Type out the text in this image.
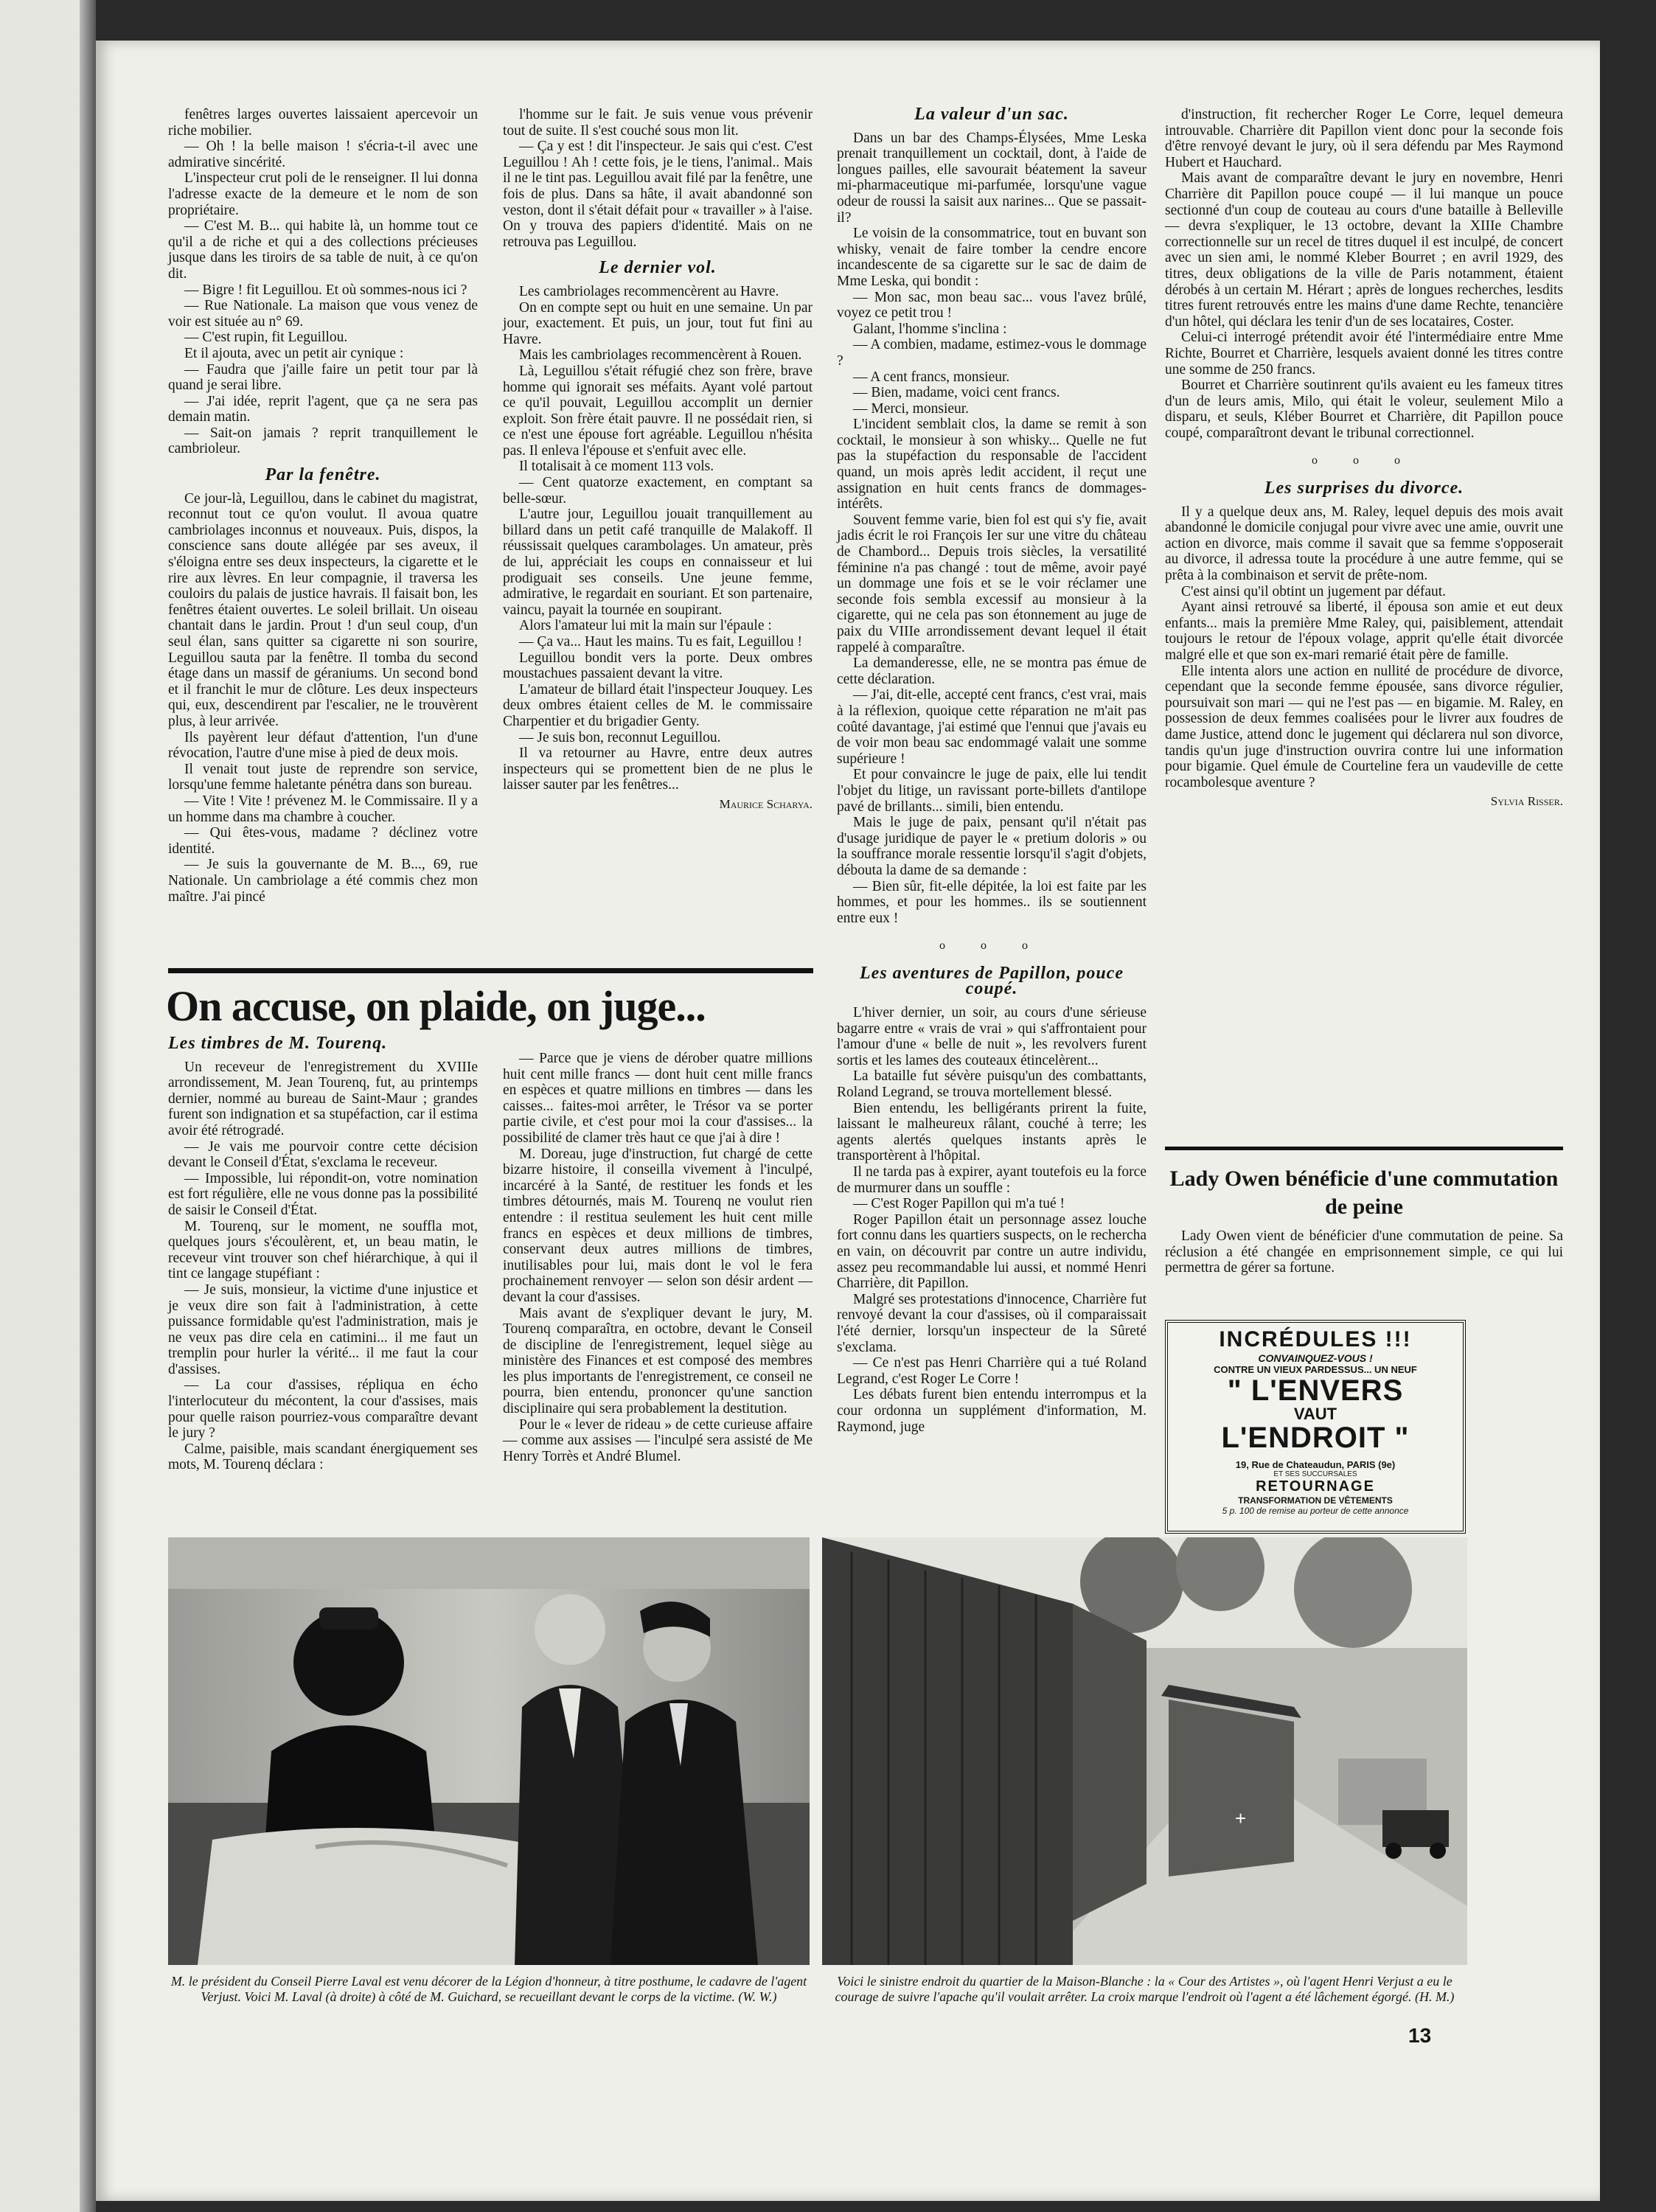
fenêtres larges ouvertes laissaient apercevoir un riche mobilier.

— Oh ! la belle maison ! s'écria-t-il avec une admirative sincérité.

L'inspecteur crut poli de le renseigner. Il lui donna l'adresse exacte de la demeure et le nom de son propriétaire.

— C'est M. B... qui habite là, un homme tout ce qu'il a de riche et qui a des collections précieuses jusque dans les tiroirs de sa table de nuit, à ce qu'on dit.

— Bigre ! fit Leguillou. Et où sommes-nous ici ?

— Rue Nationale. La maison que vous venez de voir est située au n° 69.

— C'est rupin, fit Leguillou.

Et il ajouta, avec un petit air cynique :

— Faudra que j'aille faire un petit tour par là quand je serai libre.

— J'ai idée, reprit l'agent, que ça ne sera pas demain matin.

— Sait-on jamais ? reprit tranquillement le cambrioleur.

Par la fenêtre.

Ce jour-là, Leguillou, dans le cabinet du magistrat, reconnut tout ce qu'on voulut. Il avoua quatre cambriolages inconnus et nouveaux. Puis, dispos, la conscience sans doute allégée par ses aveux, il s'éloigna entre ses deux inspecteurs, la cigarette et le rire aux lèvres. En leur compagnie, il traversa les couloirs du palais de justice havrais. Il faisait bon, les fenêtres étaient ouvertes. Le soleil brillait. Un oiseau chantait dans le jardin. Prout ! d'un seul coup, d'un seul élan, sans quitter sa cigarette ni son sourire, Leguillou sauta par la fenêtre. Il tomba du second étage dans un massif de géraniums. Un second bond et il franchit le mur de clôture. Les deux inspecteurs qui, eux, descendirent par l'escalier, ne le trouvèrent plus, à leur arrivée.

Ils payèrent leur défaut d'attention, l'un d'une révocation, l'autre d'une mise à pied de deux mois.

Il venait tout juste de reprendre son service, lorsqu'une femme haletante pénétra dans son bureau.

— Vite ! Vite ! prévenez M. le Commissaire. Il y a un homme dans ma chambre à coucher.

— Qui êtes-vous, madame ? déclinez votre identité.

— Je suis la gouvernante de M. B..., 69, rue Nationale. Un cambriolage a été commis chez mon maître. J'ai pincé

l'homme sur le fait. Je suis venue vous prévenir tout de suite. Il s'est couché sous mon lit.

— Ça y est ! dit l'inspecteur. Je sais qui c'est. C'est Leguillou ! Ah ! cette fois, je le tiens, l'animal.. Mais il ne le tint pas. Leguillou avait filé par la fenêtre, une fois de plus. Dans sa hâte, il avait abandonné son veston, dont il s'était défait pour « travailler » à l'aise. On y trouva des papiers d'identité. Mais on ne retrouva pas Leguillou.

Le dernier vol.

Les cambriolages recommencèrent au Havre.

On en compte sept ou huit en une semaine. Un par jour, exactement. Et puis, un jour, tout fut fini au Havre.

Mais les cambriolages recommencèrent à Rouen.

Là, Leguillou s'était réfugié chez son frère, brave homme qui ignorait ses méfaits. Ayant volé partout ce qu'il pouvait, Leguillou accomplit un dernier exploit. Son frère était pauvre. Il ne possédait rien, si ce n'est une épouse fort agréable. Leguillou n'hésita pas. Il enleva l'épouse et s'enfuit avec elle.

Il totalisait à ce moment 113 vols.

— Cent quatorze exactement, en comptant sa belle-sœur.

L'autre jour, Leguillou jouait tranquillement au billard dans un petit café tranquille de Malakoff. Il réussissait quelques carambolages. Un amateur, près de lui, appréciait les coups en connaisseur et lui prodiguait ses conseils. Une jeune femme, admirative, le regardait en souriant. Et son partenaire, vaincu, payait la tournée en soupirant.

Alors l'amateur lui mit la main sur l'épaule :

— Ça va... Haut les mains. Tu es fait, Leguillou !

Leguillou bondit vers la porte. Deux ombres moustachues passaient devant la vitre.

L'amateur de billard était l'inspecteur Jouquey. Les deux ombres étaient celles de M. le commissaire Charpentier et du brigadier Genty.

— Je suis bon, reconnut Leguillou.

Il va retourner au Havre, entre deux autres inspecteurs qui se promettent bien de ne plus le laisser sauter par les fenêtres...

Maurice Scharya.
La valeur d'un sac.

Dans un bar des Champs-Élysées, Mme Leska prenait tranquillement un cocktail, dont, à l'aide de longues pailles, elle savourait béatement la saveur mi-pharmaceutique mi-parfumée, lorsqu'une vague odeur de roussi la saisit aux narines... Que se passait-il?

Le voisin de la consommatrice, tout en buvant son whisky, venait de faire tomber la cendre encore incandescente de sa cigarette sur le sac de daim de Mme Leska, qui bondit :

— Mon sac, mon beau sac... vous l'avez brûlé, voyez ce petit trou !

Galant, l'homme s'inclina :

— A combien, madame, estimez-vous le dommage ?

— A cent francs, monsieur.

— Bien, madame, voici cent francs.

— Merci, monsieur.

L'incident semblait clos, la dame se remit à son cocktail, le monsieur à son whisky... Quelle ne fut pas la stupéfaction du responsable de l'accident quand, un mois après ledit accident, il reçut une assignation en huit cents francs de dommages-intérêts.

Souvent femme varie, bien fol est qui s'y fie, avait jadis écrit le roi François Ier sur une vitre du château de Chambord... Depuis trois siècles, la versatilité féminine n'a pas changé : tout de même, avoir payé un dommage une fois et se le voir réclamer une seconde fois sembla excessif au monsieur à la cigarette, qui ne cela pas son étonnement au juge de paix du VIIIe arrondissement devant lequel il était rappelé à comparaître.

La demanderesse, elle, ne se montra pas émue de cette déclaration.

— J'ai, dit-elle, accepté cent francs, c'est vrai, mais à la réflexion, quoique cette réparation ne m'ait pas coûté davantage, j'ai estimé que l'ennui que j'avais eu de voir mon beau sac endommagé valait une somme supérieure !

Et pour convaincre le juge de paix, elle lui tendit l'objet du litige, un ravissant porte-billets d'antilope pavé de brillants... simili, bien entendu.

Mais le juge de paix, pensant qu'il n'était pas d'usage juridique de payer le « pretium doloris » ou la souffrance morale ressentie lorsqu'il s'agit d'objets, débouta la dame de sa demande :

— Bien sûr, fit-elle dépitée, la loi est faite par les hommes, et pour les hommes.. ils se soutiennent entre eux !

o o o
Les aventures de Papillon, pouce coupé.

L'hiver dernier, un soir, au cours d'une sérieuse bagarre entre « vrais de vrai » qui s'affrontaient pour l'amour d'une « belle de nuit », les revolvers furent sortis et les lames des couteaux étincelèrent...

La bataille fut sévère puisqu'un des combattants, Roland Legrand, se trouva mortellement blessé.

Bien entendu, les belligérants prirent la fuite, laissant le malheureux râlant, couché à terre; les agents alertés quelques instants après le transportèrent à l'hôpital.

Il ne tarda pas à expirer, ayant toutefois eu la force de murmurer dans un souffle :

— C'est Roger Papillon qui m'a tué !

Roger Papillon était un personnage assez louche fort connu dans les quartiers suspects, on le rechercha en vain, on découvrit par contre un autre individu, assez peu recommandable lui aussi, et nommé Henri Charrière, dit Papillon.

Malgré ses protestations d'innocence, Charrière fut renvoyé devant la cour d'assises, où il comparaissait l'été dernier, lorsqu'un inspecteur de la Sûreté s'exclama.

— Ce n'est pas Henri Charrière qui a tué Roland Legrand, c'est Roger Le Corre !

Les débats furent bien entendu interrompus et la cour ordonna un supplément d'information, M. Raymond, juge

d'instruction, fit rechercher Roger Le Corre, lequel demeura introuvable. Charrière dit Papillon vient donc pour la seconde fois d'être renvoyé devant le jury, où il sera défendu par Mes Raymond Hubert et Hauchard.

Mais avant de comparaître devant le jury en novembre, Henri Charrière dit Papillon pouce coupé — il lui manque un pouce sectionné d'un coup de couteau au cours d'une bataille à Belleville — devra s'expliquer, le 13 octobre, devant la XIIIe Chambre correctionnelle sur un recel de titres duquel il est inculpé, de concert avec un sien ami, le nommé Kleber Bourret ; en avril 1929, des titres, deux obligations de la ville de Paris notamment, étaient dérobés à un certain M. Hérart ; après de longues recherches, lesdits titres furent retrouvés entre les mains d'une dame Rechte, tenancière d'un hôtel, qui déclara les tenir d'un de ses locataires, Coster.

Celui-ci interrogé prétendit avoir été l'intermédiaire entre Mme Richte, Bourret et Charrière, lesquels avaient donné les titres contre une somme de 250 francs.

Bourret et Charrière soutinrent qu'ils avaient eu les fameux titres d'un de leurs amis, Milo, qui était le voleur, seulement Milo a disparu, et seuls, Kléber Bourret et Charrière, dit Papillon pouce coupé, comparaîtront devant le tribunal correctionnel.

o o o
Les surprises du divorce.

Il y a quelque deux ans, M. Raley, lequel depuis des mois avait abandonné le domicile conjugal pour vivre avec une amie, ouvrit une action en divorce, mais comme il savait que sa femme s'opposerait au divorce, il adressa toute la procédure à une autre femme, qui se prêta à la combinaison et servit de prête-nom.

C'est ainsi qu'il obtint un jugement par défaut.

Ayant ainsi retrouvé sa liberté, il épousa son amie et eut deux enfants... mais la première Mme Raley, qui, paisiblement, attendait toujours le retour de l'époux volage, apprit qu'elle était divorcée malgré elle et que son ex-mari remarié était père de famille.

Elle intenta alors une action en nullité de procédure de divorce, cependant que la seconde femme épousée, sans divorce régulier, poursuivait son mari — qui ne l'est pas — en bigamie. M. Raley, en possession de deux femmes coalisées pour le livrer aux foudres de dame Justice, attend donc le jugement qui déclarera nul son divorce, tandis qu'un juge d'instruction ouvrira contre lui une information pour bigamie. Quel émule de Courteline fera un vaudeville de cette rocambolesque aventure ?

Sylvia Risser.
Lady Owen bénéficie d'une commutation de peine

Lady Owen vient de bénéficier d'une commutation de peine. Sa réclusion a été changée en emprisonnement simple, ce qui lui permettra de gérer sa fortune.

INCRÉDULES !!!
CONVAINQUEZ-VOUS !
CONTRE UN VIEUX PARDESSUS... UN NEUF
" L'ENVERS
VAUT
L'ENDROIT "
19, Rue de Chateaudun, PARIS (9e)
ET SES SUCCURSALES
RETOURNAGE
TRANSFORMATION DE VÊTEMENTS
5 p. 100 de remise au porteur de cette annonce
On accuse, on plaide, on juge...
Les timbres de M. Tourenq.

Un receveur de l'enregistrement du XVIIIe arrondissement, M. Jean Tourenq, fut, au printemps dernier, nommé au bureau de Saint-Maur ; grandes furent son indignation et sa stupéfaction, car il estima avoir été rétrogradé.

— Je vais me pourvoir contre cette décision devant le Conseil d'État, s'exclama le receveur.

— Impossible, lui répondit-on, votre nomination est fort régulière, elle ne vous donne pas la possibilité de saisir le Conseil d'État.

M. Tourenq, sur le moment, ne souffla mot, quelques jours s'écoulèrent, et, un beau matin, le receveur vint trouver son chef hiérarchique, à qui il tint ce langage stupéfiant :

— Je suis, monsieur, la victime d'une injustice et je veux dire son fait à l'administration, à cette puissance formidable qu'est l'administration, mais je ne veux pas dire cela en catimini... il me faut un tremplin pour hurler la vérité... il me faut la cour d'assises.

— La cour d'assises, répliqua en écho l'interlocuteur du mécontent, la cour d'assises, mais pour quelle raison pourriez-vous comparaître devant le jury ?

Calme, paisible, mais scandant énergiquement ses mots, M. Tourenq déclara :

— Parce que je viens de dérober quatre millions huit cent mille francs — dont huit cent mille francs en espèces et quatre millions en timbres — dans les caisses... faites-moi arrêter, le Trésor va se porter partie civile, et c'est pour moi la cour d'assises... la possibilité de clamer très haut ce que j'ai à dire !

M. Doreau, juge d'instruction, fut chargé de cette bizarre histoire, il conseilla vivement à l'inculpé, incarcéré à la Santé, de restituer les fonds et les timbres détournés, mais M. Tourenq ne voulut rien entendre : il restitua seulement les huit cent mille francs en espèces et deux millions de timbres, conservant deux autres millions de timbres, inutilisables pour lui, mais dont le vol le fera prochainement renvoyer — selon son désir ardent — devant la cour d'assises.

Mais avant de s'expliquer devant le jury, M. Tourenq comparaîtra, en octobre, devant le Conseil de discipline de l'enregistrement, lequel siège au ministère des Finances et est composé des membres les plus importants de l'enregistrement, ce conseil ne pourra, bien entendu, prononcer qu'une sanction disciplinaire qui sera probablement la destitution.

Pour le « lever de rideau » de cette curieuse affaire — comme aux assises — l'inculpé sera assisté de Me Henry Torrès et André Blumel.

+
M. le président du Conseil Pierre Laval est venu décorer de la Légion d'honneur, à titre posthume, le cadavre de l'agent Verjust. Voici M. Laval (à droite) à côté de M. Guichard, se recueillant devant le corps de la victime. (W. W.)
Voici le sinistre endroit du quartier de la Maison-Blanche : la « Cour des Artistes », où l'agent Henri Verjust a eu le courage de suivre l'apache qu'il voulait arrêter. La croix marque l'endroit où l'agent a été lâchement égorgé. (H. M.)
13
